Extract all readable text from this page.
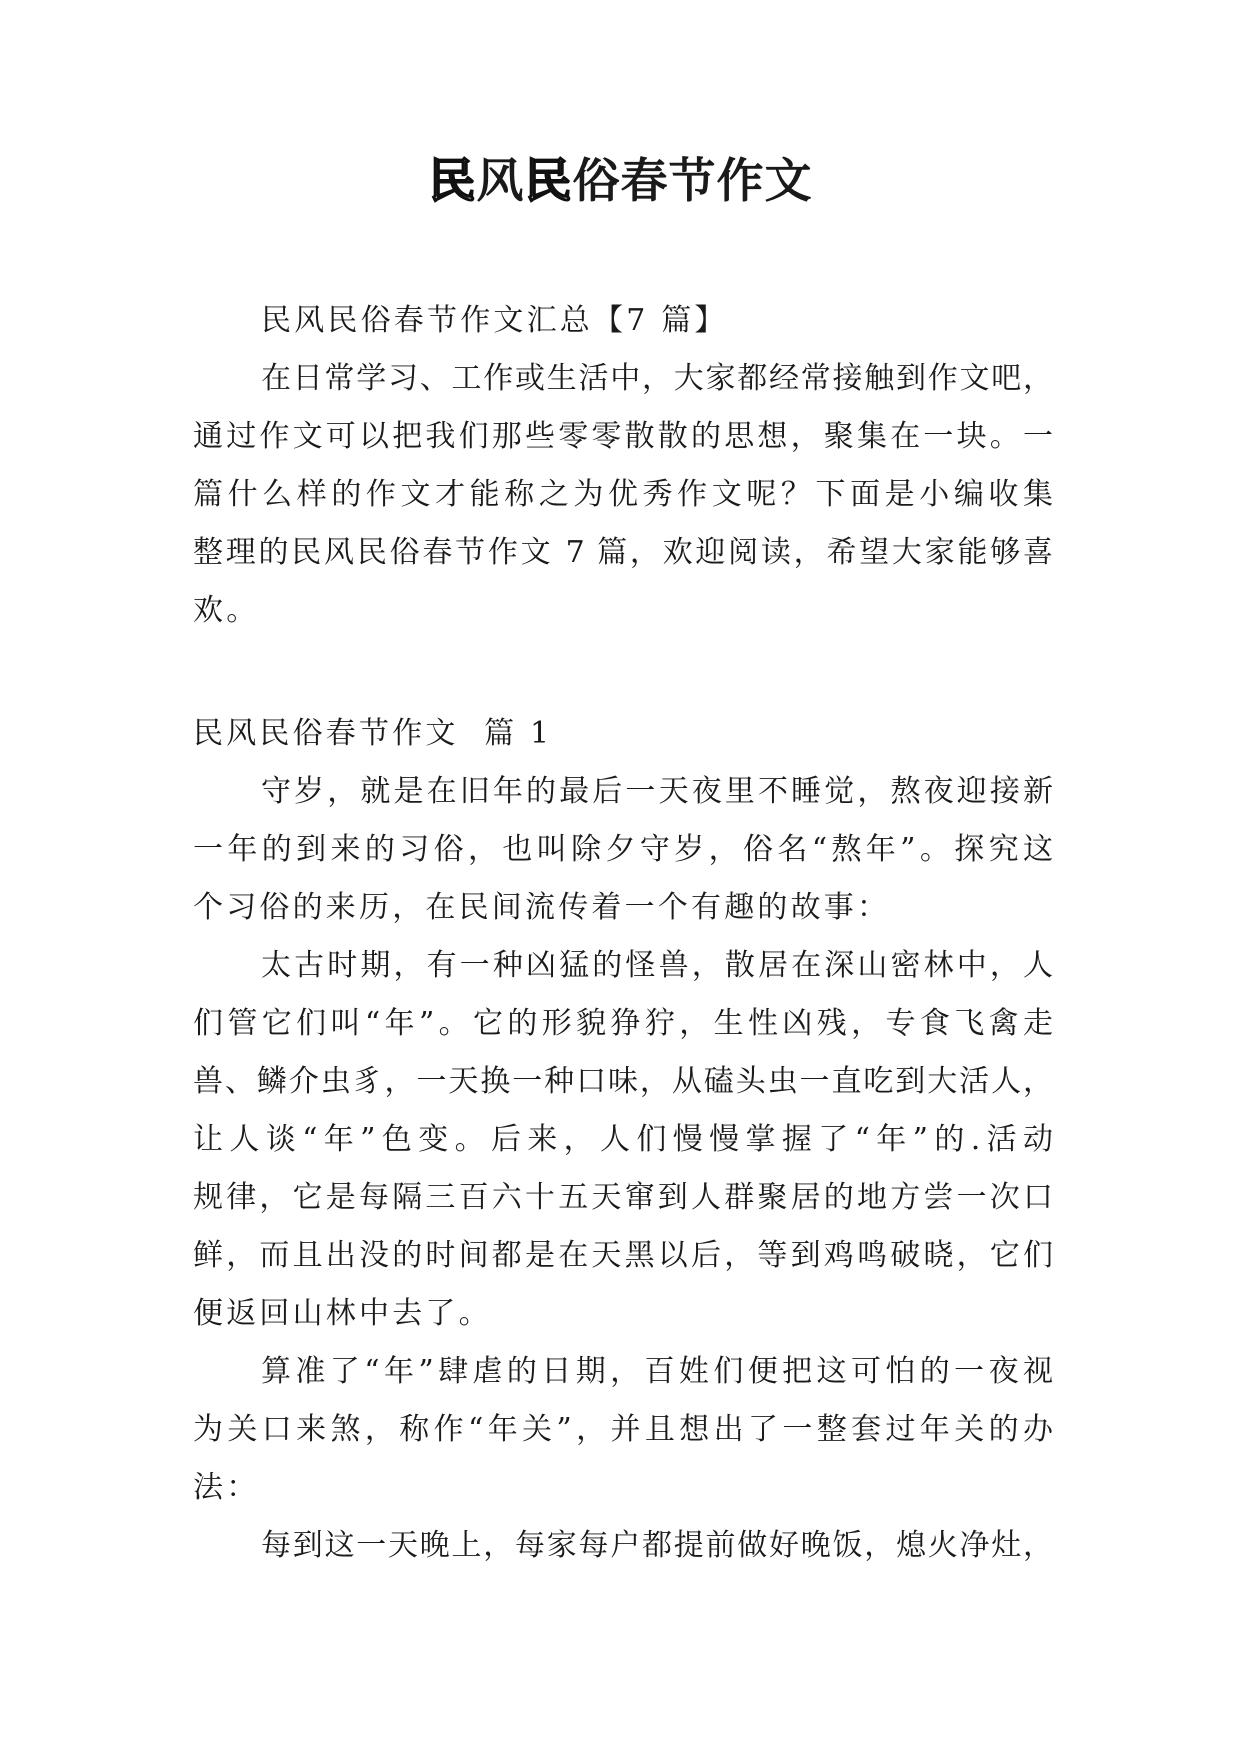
民风民俗春节作文

民风民俗春节作文汇总【7 篇】

在日常学习、工作或生活中，大家都经常接触到作文吧，

通过作文可以把我们那些零零散散的思想，聚集在一块。一

篇什么样的作文才能称之为优秀作文呢？下面是小编收集

整理的民风民俗春节作文 7 篇，欢迎阅读，希望大家能够喜

欢。

民风民俗春节作文  篇 1

守岁，就是在旧年的最后一天夜里不睡觉，熬夜迎接新

一年的到来的习俗，也叫除夕守岁，俗名“熬年”。探究这

个习俗的来历，在民间流传着一个有趣的故事：

太古时期，有一种凶猛的怪兽，散居在深山密林中，人

们管它们叫“年”。它的形貌狰狞，生性凶残，专食飞禽走

兽、鳞介虫豸，一天换一种口味，从磕头虫一直吃到大活人，

让人谈“年”色变。后来，人们慢慢掌握了“年”的.活动

规律，它是每隔三百六十五天窜到人群聚居的地方尝一次口

鲜，而且出没的时间都是在天黑以后，等到鸡鸣破晓，它们

便返回山林中去了。

算准了“年”肆虐的日期，百姓们便把这可怕的一夜视

为关口来煞，称作“年关”，并且想出了一整套过年关的办

法：

每到这一天晚上，每家每户都提前做好晚饭，熄火净灶，
